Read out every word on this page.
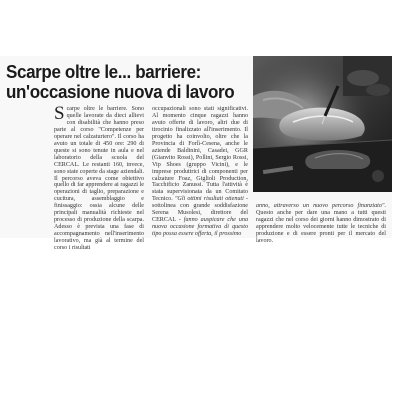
Scarpe oltre le... barriere:
un'occasione nuova di lavoro

Scarpe oltre le barriere. Sono quelle lavorate da dieci allievi con disabilità che hanno preso parte al corso "Competenze per operare nel calzaturiero". Il corso ha avuto un totale di 450 ore: 290 di queste si sono tenute in aula e nel laboratorio della scuola del CERCAL. Le restanti 160, invece, sono state coperte da stage aziendali. Il percorso aveva come obiettivo quello di far apprendere ai ragazzi le operazioni di taglio, preparazione e cucitura, assemblaggio e finissaggio: ossia alcune delle principali manualità richieste nel processo di produzione della scarpa. Adesso è prevista una fase di accompagnamento nell'inserimento lavorativo, ma già al termine del corso i risultati

occupazionali sono stati significativi. Al momento cinque ragazzi hanno avuto offerte di lavoro, altri due di tirocinio finalizzato all'inserimento. Il progetto ha coinvolto, oltre che la Provincia di Forlì-Cesena, anche le aziende Baldinini, Casadei, GGR (Gianvito Rossi), Pollini, Sergio Rossi, Vip Shoes (gruppo Vicini), e le imprese produttrici di componenti per calzature Foaz, Giglioli Production, Tacchificio Zanussi. Tutta l'attività è stata supervisionata da un Comitato Tecnico. "Gli ottimi risultati ottenuti - sottolinea con grande soddisfazione Serena Musolesi, direttore del CERCAL - fanno auspicare che una nuova occasione formativa di questo tipo possa essere offerta, il prossimo

anno, attraverso un nuovo percorso finanziato". Questo anche per dare una mano a tutti questi ragazzi che nel corso dei giorni hanno dimostrato di apprendere molto velocemente tutte le tecniche di produzione e di essere pronti per il mercato del lavoro.
